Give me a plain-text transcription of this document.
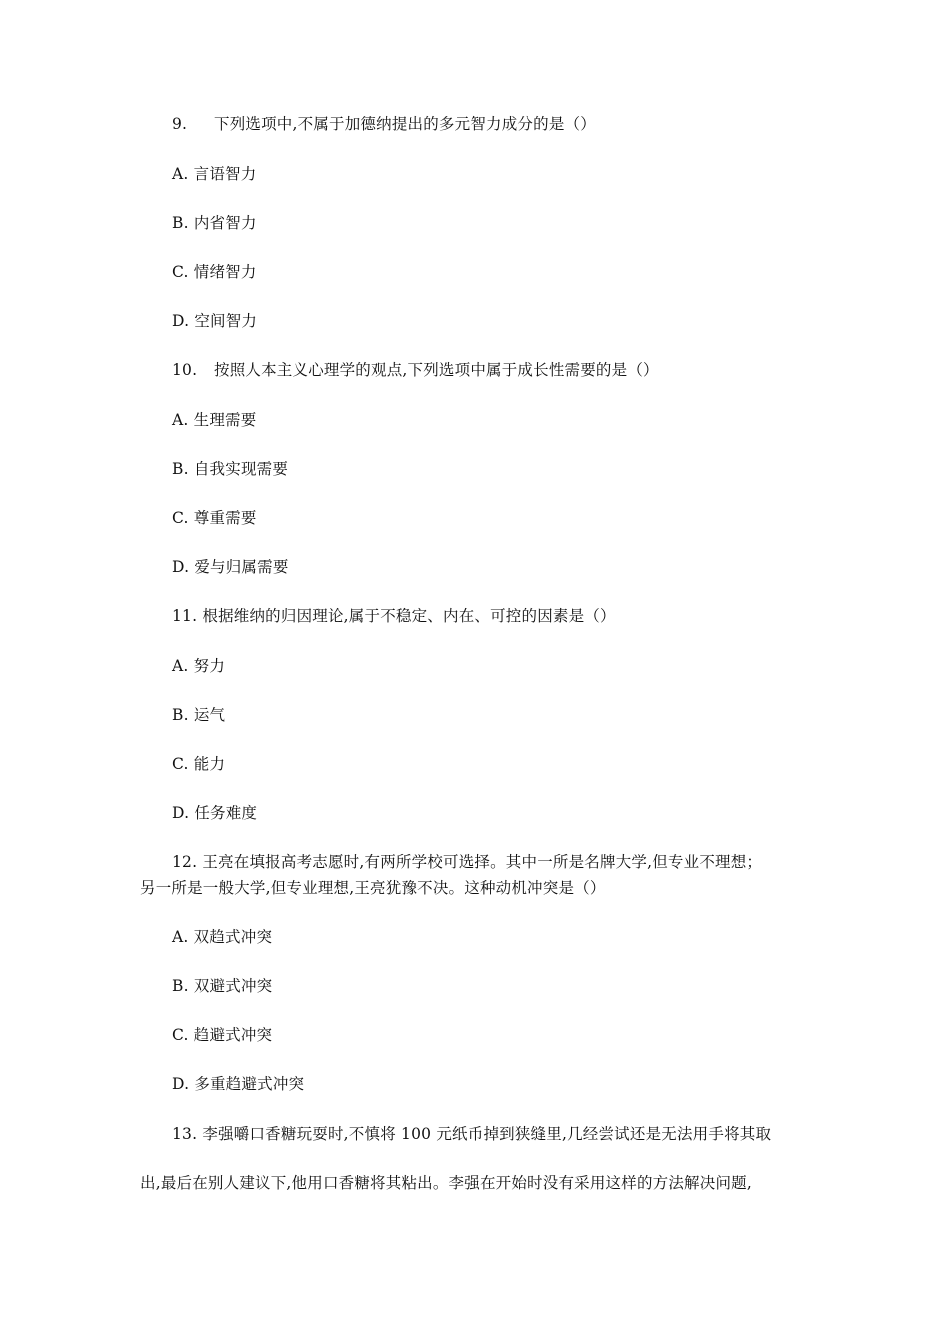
9. 下列选项中,不属于加德纳提出的多元智力成分的是（）
A. 言语智力
B. 内省智力
C. 情绪智力
D. 空间智力
10. 按照人本主义心理学的观点,下列选项中属于成长性需要的是（）
A. 生理需要
B. 自我实现需要
C. 尊重需要
D. 爱与归属需要
11. 根据维纳的归因理论,属于不稳定、内在、可控的因素是（）
A. 努力
B. 运气
C. 能力
D. 任务难度
12. 王亮在填报高考志愿时,有两所学校可选择。其中一所是名牌大学,但专业不理想；
另一所是一般大学,但专业理想,王亮犹豫不决。这种动机冲突是（）
A. 双趋式冲突
B. 双避式冲突
C. 趋避式冲突
D. 多重趋避式冲突
13. 李强嚼口香糖玩耍时,不慎将 100 元纸币掉到狭缝里,几经尝试还是无法用手将其取
出,最后在别人建议下,他用口香糖将其粘出。李强在开始时没有采用这样的方法解决问题,
